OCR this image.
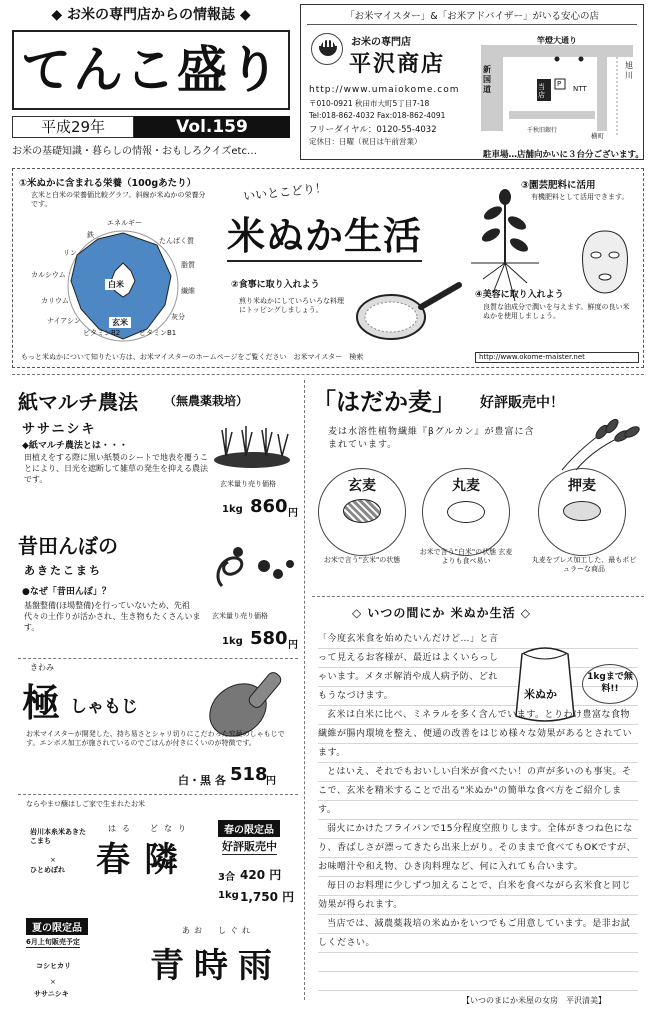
◆ お米の専門店からの情報誌 ◆
てんこ盛り
平成29年	Vol.159
お米の基礎知識・暮らしの情報・おもしろクイズetc…
「お米マイスター」&「お米アドバイザー」がいる安心の店
お米の専門店
平沢商店
http://www.umaiokome.com
〒010-0921 秋田市大町5丁目7-18
Tel:018-862-4032 Fax:018-862-4091
フリーダイヤル：0120-55-4032
定休日：日曜（祝日は午前営業）
竿燈大通り
新国道
旭川
当店
P
NTT
横町
千秋旧銀行
駐車場…店舗向かいに３台分ございます。
①米ぬかに含まれる栄養（100gあたり）
玄米と白米の栄養価比較グラフ。斜線が米ぬかの栄養分です。
白米
玄米
エネルギー
たんぱく質
脂質
繊維
灰分
ビタミンB1
ビタミンB2
ナイアシン
カリウム
カルシウム
リン
鉄
いいとこどり！
米ぬか生活
②食事に取り入れよう
煎り米ぬかにしていろいろな料理にトッピングしましょう。
③園芸肥料に活用
有機肥料として活用できます。
④美容に取り入れよう
良質な油成分で潤いを与えます。鮮度の良い米ぬかを使用しましょう。
もっと米ぬかについて知りたい方は、お米マイスターのホームページをご覧ください　お米マイスター　検索	http://www.okome-maister.net
紙マルチ農法 （無農薬栽培）
ササニシキ
◆紙マルチ農法とは・・・
田植えをする際に黒い紙製のシートで地表を覆うことにより、日光を遮断して雑草の発生を抑える農法です。	玄米量り売り価格
1kg 860 円
昔田んぼの
あきたこまち
●なぜ「昔田んぼ」？
基盤整備(ほ場整備)を行っていないため、先祖代々の土作りが活かされ、生き物もたくさんいます。
玄米量り売り価格
1kg 580 円
きわみ
極 しゃもじ
お米マイスターが開発した、持ち易さとシャリ切りにこだわった究極のしゃもじです。エンボス加工が施されているのでごはんが付きにくいのが特徴です。
白・黒 各 518
円
ならやまロ醸はしご家で生まれたお米
春の限定品
好評販売中
岩川本糸米あきたこまち
×
ひとめぼれ
はる　どなり
春隣	3合 420 円
1kg 1,750 円
夏の限定品
6月上旬販売予定
コシヒカリ
×
ササニシキ
あお　しぐれ
青時雨
「はだか麦」 好評販売中！
麦は水溶性植物繊維『βグルカン』が豊富に含まれています。
玄麦
お米で言う"玄米"の状態
丸麦
お米で言う"白米"の状態 玄麦よりも食べ易い
押麦
丸麦をプレス加工した、最もポピュラーな商品
◇ いつの間にか 米ぬか生活 ◇
米ぬか
1kgまで無料!!

「今度玄米食を始めたいんだけど…」と言って見えるお客様が、最近はよくいらっしゃいます。メタボ解消や成人病予防、どれもうなづけます。

玄米は白米に比べ、ミネラルを多く含んでいます。とりわけ豊富な食物繊維が腸内環境を整え、便通の改善をはじめ様々な効果があるとされています。

とはいえ、それでもおいしい白米が食べたい！の声が多いのも事実。そこで、玄米を精米することで出る"米ぬか"の簡単な食べ方をご紹介します。

弱火にかけたフライパンで15分程度空煎りします。全体がきつね色になり、香ばしさが漂ってきたら出来上がり。そのままで食べてもOKですが、お味噌汁や和え物、ひき肉料理など、何に入れても合います。

毎日のお料理に少しずつ加えることで、白米を食べながら玄米食と同じ効果が得られます。

当店では、減農薬栽培の米ぬかをいつでもご用意しています。是非お試しください。

【いつのまにか米屋の女房　平沢清美】
